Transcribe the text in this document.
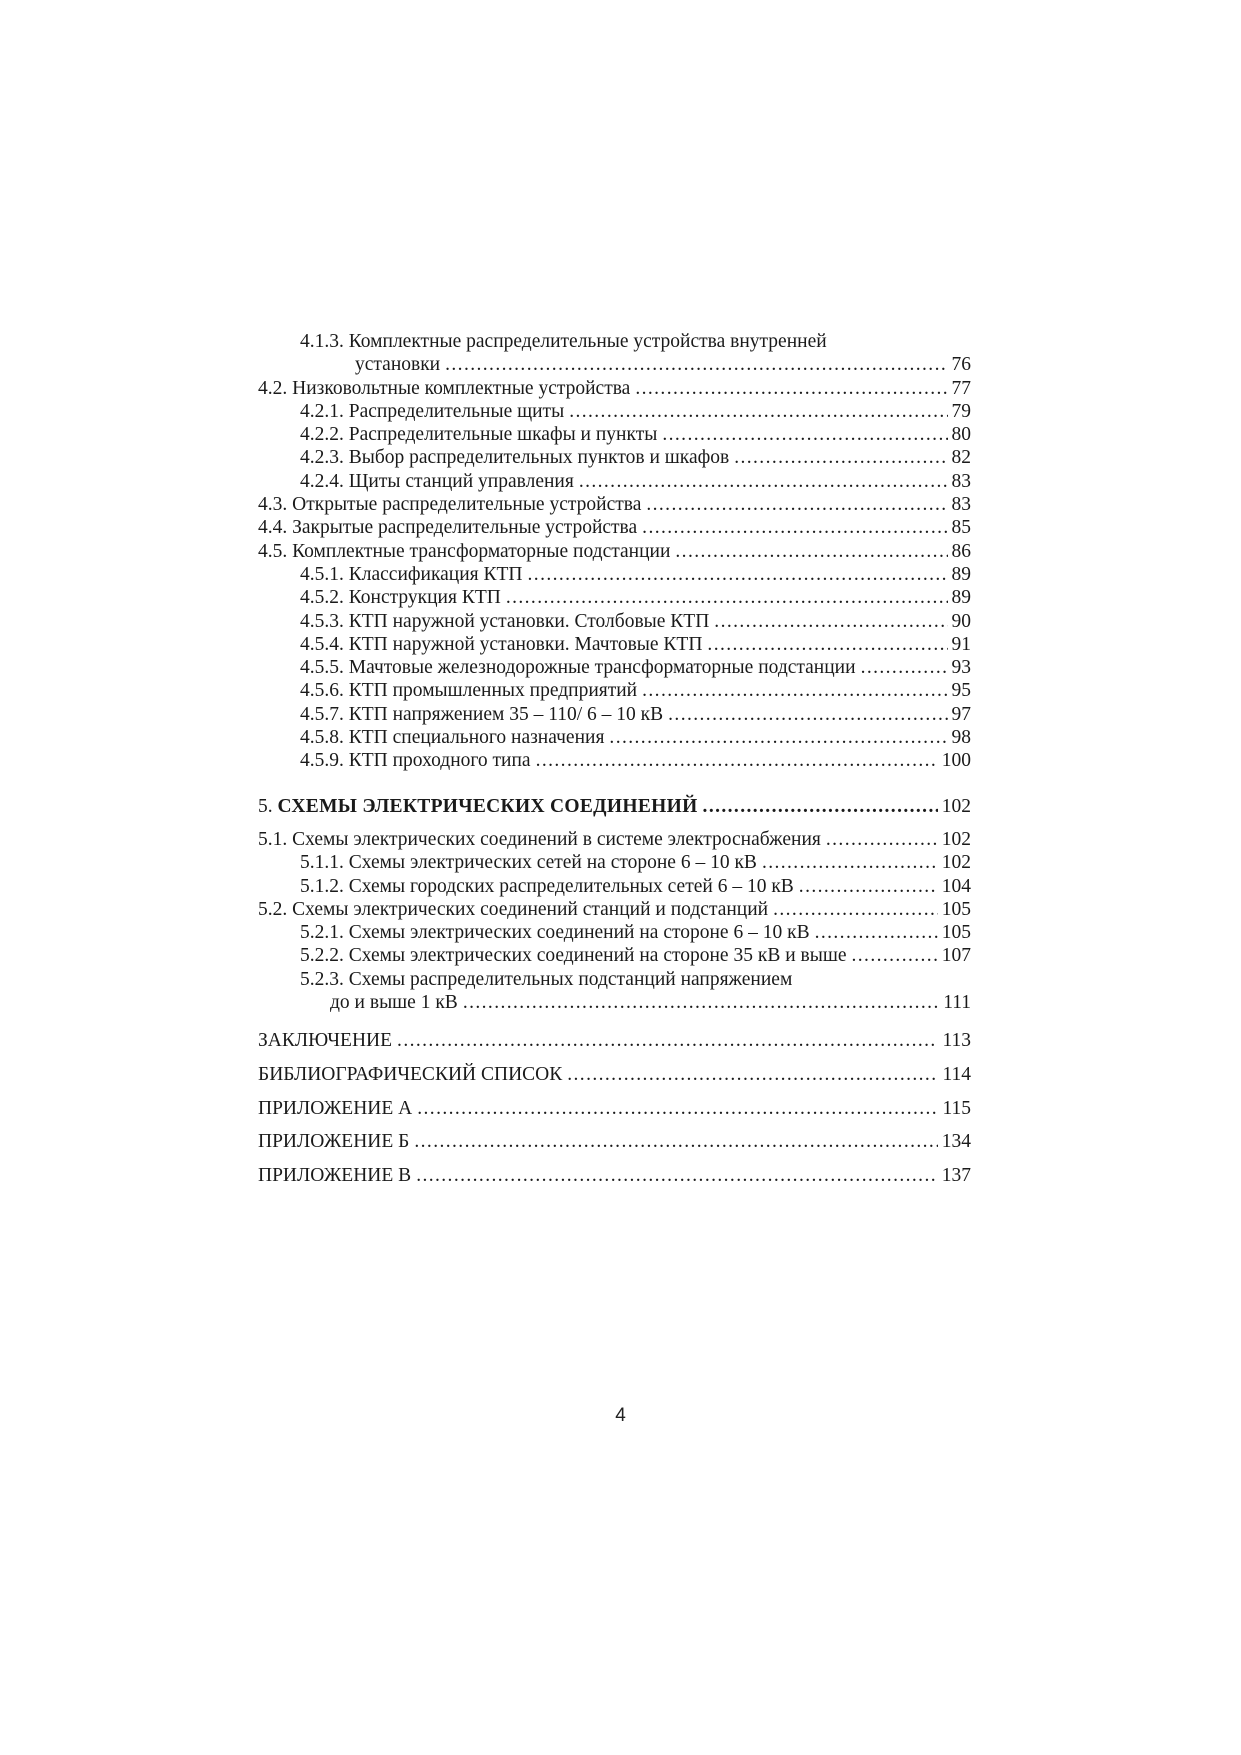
4.1.3. Комплектные распределительные устройства внутренней
установки .....	76
4.2. Низковольтные комплектные устройства .....	77
4.2.1. Распределительные щиты .....	79
4.2.2. Распределительные шкафы и пункты .....	80
4.2.3. Выбор распределительных пунктов и шкафов .....	82
4.2.4. Щиты станций управления .....	83
4.3. Открытые распределительные устройства .....	83
4.4. Закрытые распределительные устройства .....	85
4.5. Комплектные трансформаторные подстанции .....	86
4.5.1. Классификация КТП .....	89
4.5.2. Конструкция КТП .....	89
4.5.3. КТП наружной установки. Столбовые КТП .....	90
4.5.4. КТП наружной установки. Мачтовые КТП .....	91
4.5.5. Мачтовые железнодорожные трансформаторные подстанции .....	93
4.5.6. КТП промышленных предприятий .....	95
4.5.7. КТП напряжением 35 – 110/ 6 – 10 кВ .....	97
4.5.8. КТП специального назначения .....	98
4.5.9. КТП проходного типа .....	100
5. СХЕМЫ ЭЛЕКТРИЧЕСКИХ СОЕДИНЕНИЙ .....	102
5.1. Схемы электрических соединений в системе электроснабжения .....	102
5.1.1. Схемы электрических сетей на стороне 6 – 10 кВ .....	102
5.1.2. Схемы городских распределительных сетей 6 – 10 кВ .....	104
5.2. Схемы электрических соединений станций и подстанций .....	105
5.2.1. Схемы электрических соединений на стороне 6 – 10 кВ .....	105
5.2.2. Схемы электрических соединений на стороне 35 кВ и выше .....	107
5.2.3. Схемы распределительных подстанций напряжением
до и выше 1 кВ .....	111
ЗАКЛЮЧЕНИЕ .....	113
БИБЛИОГРАФИЧЕСКИЙ СПИСОК .....	114
ПРИЛОЖЕНИЕ А .....	115
ПРИЛОЖЕНИЕ Б .....	134
ПРИЛОЖЕНИЕ В .....	137
4
